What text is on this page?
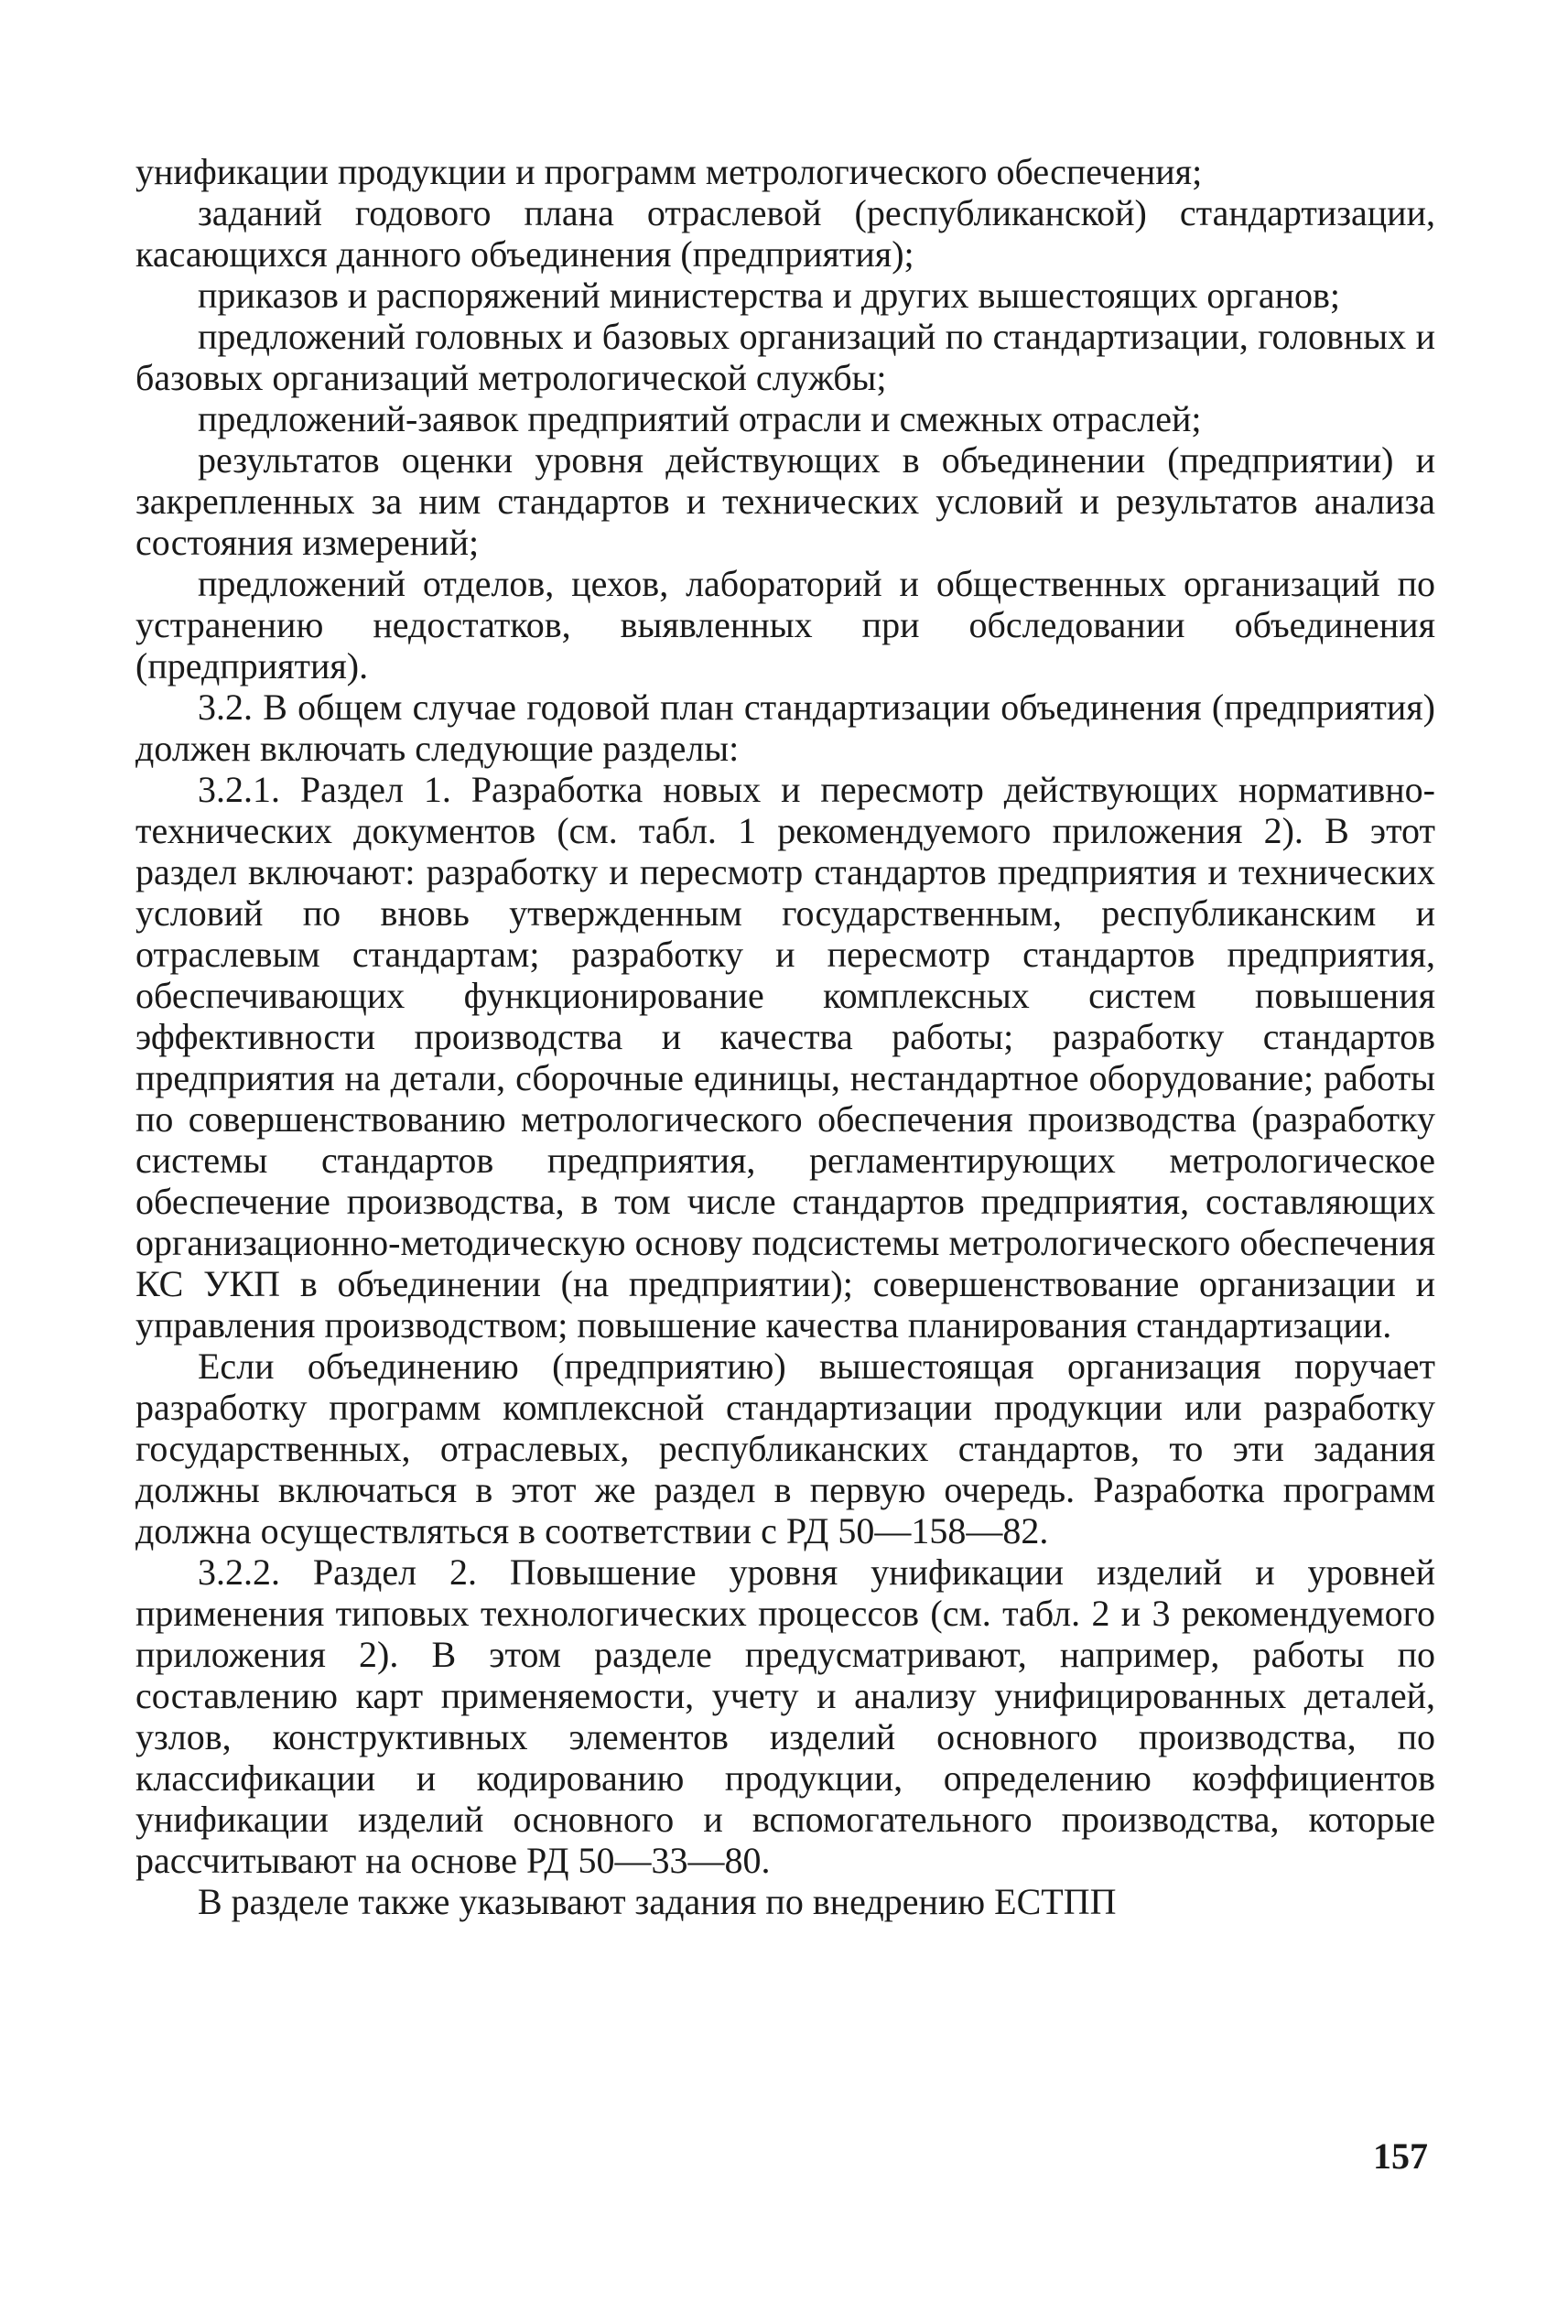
унификации продукции и программ метрологического обеспечения;

заданий годового плана отраслевой (республиканской) стандартизации, касающихся данного объединения (предприятия);

приказов и распоряжений министерства и других вышестоящих органов;

предложений головных и базовых организаций по стандартизации, головных и базовых организаций метрологической службы;

предложений-заявок предприятий отрасли и смежных отраслей;

результатов оценки уровня действующих в объединении (предприятии) и закрепленных за ним стандартов и технических условий и результатов анализа состояния измерений;

предложений отделов, цехов, лабораторий и общественных организаций по устранению недостатков, выявленных при обследовании объединения (предприятия).

3.2. В общем случае годовой план стандартизации объединения (предприятия) должен включать следующие разделы:

3.2.1. Раздел 1. Разработка новых и пересмотр действующих нормативно-технических документов (см. табл. 1 рекомендуемого приложения 2). В этот раздел включают: разработку и пересмотр стандартов предприятия и технических условий по вновь утвержденным государственным, республиканским и отраслевым стандартам; разработку и пересмотр стандартов предприятия, обеспечивающих функционирование комплексных систем повышения эффективности производства и качества работы; разработку стандартов предприятия на детали, сборочные единицы, нестандартное оборудование; работы по совершенствованию метрологического обеспечения производства (разработку системы стандартов предприятия, регламентирующих метрологическое обеспечение производства, в том числе стандартов предприятия, составляющих организационно-методическую основу подсистемы метрологического обеспечения КС УКП в объединении (на предприятии); совершенствование организации и управления производством; повышение качества планирования стандартизации.

Если объединению (предприятию) вышестоящая организация поручает разработку программ комплексной стандартизации продукции или разработку государственных, отраслевых, республиканских стандартов, то эти задания должны включаться в этот же раздел в первую очередь. Разработка программ должна осуществляться в соответствии с РД 50—158—82.

3.2.2. Раздел 2. Повышение уровня унификации изделий и уровней применения типовых технологических процессов (см. табл. 2 и 3 рекомендуемого приложения 2). В этом разделе предусматривают, например, работы по составлению карт применяемости, учету и анализу унифицированных деталей, узлов, конструктивных элементов изделий основного производства, по классификации и кодированию продукции, определению коэффициентов унификации изделий основного и вспомогательного производства, которые рассчитывают на основе РД 50—33—80.

В разделе также указывают задания по внедрению ЕСТПП

157
